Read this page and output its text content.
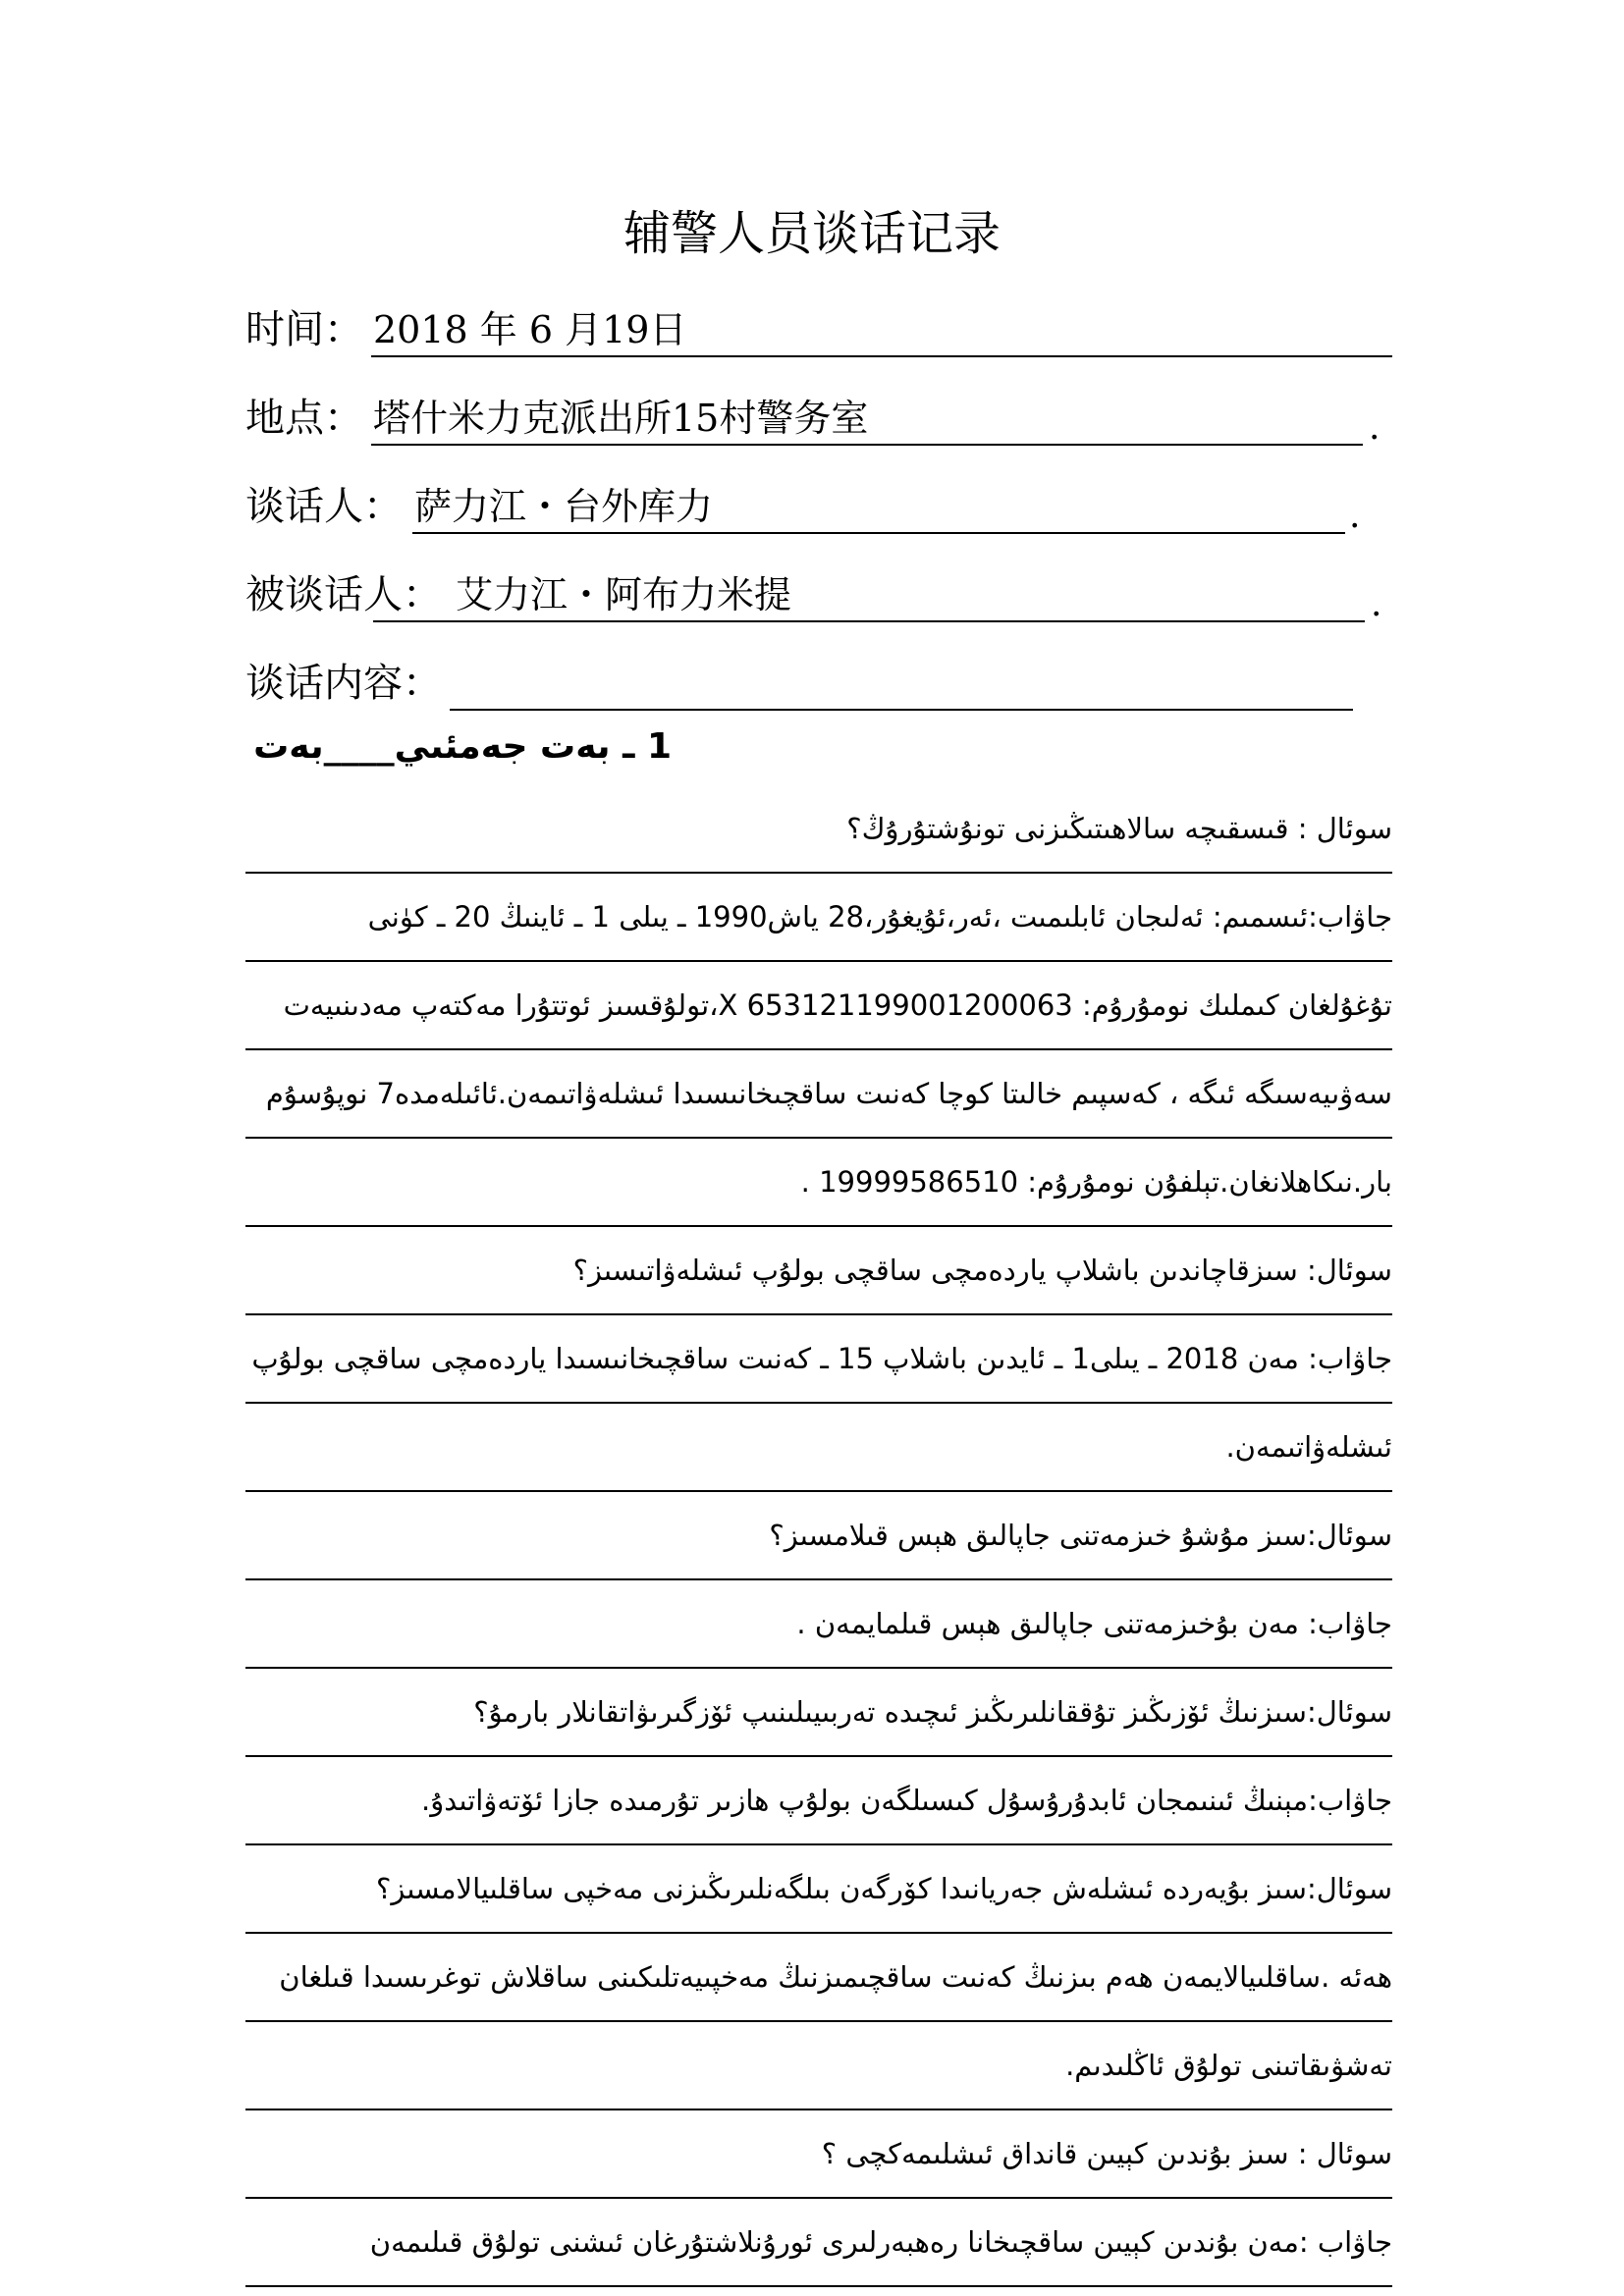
辅警人员谈话记录
时间： 2018 年 6 月19日
地点： 塔什米力克派出所15村警务室	.
谈话人： 萨力江・台外库力	.
被谈话人： 艾力江・阿布力米提	.
谈话内容：
1 ـ بەت جەمئىي____بەت
سوئال : قىسقىچە سالاھىتىڭىزنى تونۇشتۇرۇڭ؟
جاۋاب:ئىسمىم: ئەلىجان ئابلىمىت ،ئەر،ئۇيغۇر،28 ياش1990 ـ يىلى 1 ـ ئاينىڭ 20 ـ كۈنى
تۇغۇلغان كىملىك نومۇرۇم: 653121199001200063 X،تولۇقسىز ئوتتۇرا مەكتەپ مەدىنىيەت
سەۋىيەسىگە ئىگە ، كەسپىم خالىتا كوچا كەنىت ساقچىخانىسىدا ئىشلەۋاتىمەن.ئائىلەمدە7 نوپۇسۇم
بار.نىكاھلانغان.تېلفۇن نومۇرۇم: 19999586510 .
سوئال: سىزقاچاندىن باشلاپ ياردەمچى ساقچى بولۇپ ئىشلەۋاتىسىز؟
جاۋاب: مەن 2018 ـ يىلى1 ـ ئايدىن باشلاپ 15 ـ كەنىت ساقچىخانىسىدا ياردەمچى ساقچى بولۇپ
ئىشلەۋاتىمەن.
سوئال:سىز مۇشۇ خىزمەتنى جاپالىق ھېس قىلامسىز؟
جاۋاب: مەن بۇخىزمەتنى جاپالىق ھېس قىلمايمەن .
سوئال:سىزنىڭ ئۆزىڭىز تۇققانلىرىڭىز ئىچىدە تەربىيىلىنىپ ئۆزگىرىۋاتقانلار بارمۇ؟
جاۋاب:مېنىڭ ئىنىمجان ئابدۇرۇسۇل كىسىلگەن بولۇپ ھازىر تۇرمىدە جازا ئۆتەۋاتىدۇ.
سوئال:سىز بۇيەردە ئىشلەش جەريانىدا كۆرگەن بىلگەنلىرىڭىزنى مەخپى ساقلىيالامسىز؟
ھەئە .ساقلىيالايمەن ھەم بىزنىڭ كەنىت ساقچىمىزنىڭ مەخپىيەتلىكىنى ساقلاش توغرىسىدا قىلغان
تەشۋىقاتىنى تولۇق ئاڭلىدىم.
سوئال : سىز بۇندىن كېيىن قانداق ئىشلىمەكچى ؟
جاۋاب :مەن بۇندىن كېيىن ساقچىخانا رەھبەرلىرى ئورۇنلاشتۇرغان ئىشنى تولۇق قىلىمەن
